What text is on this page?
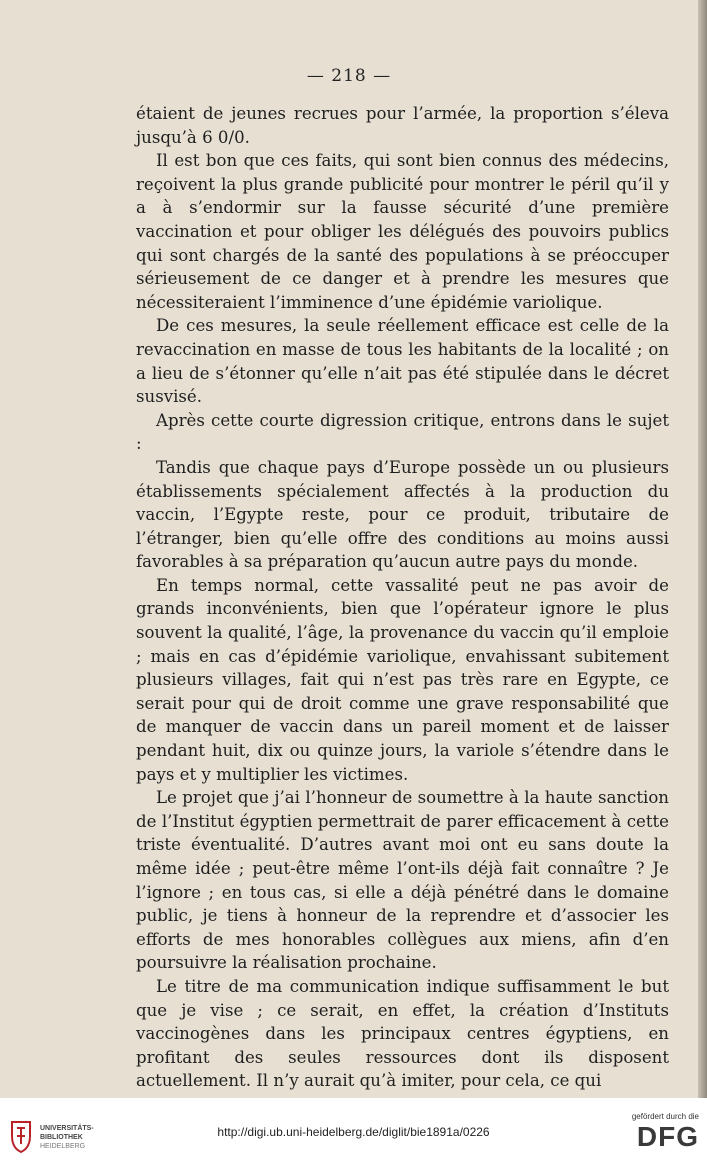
— 218 —

étaient de jeunes recrues pour l’armée, la proportion s’éleva jusqu’à 6 0/0.

Il est bon que ces faits, qui sont bien connus des médecins, reçoivent la plus grande publicité pour montrer le péril qu’il y a à s’endormir sur la fausse sécurité d’une première vaccination et pour obliger les délégués des pouvoirs publics qui sont chargés de la santé des populations à se préoccuper sérieusement de ce danger et à prendre les mesures que nécessiteraient l’imminence d’une épidémie variolique.

De ces mesures, la seule réellement efficace est celle de la revaccination en masse de tous les habitants de la localité ; on a lieu de s’étonner qu’elle n’ait pas été stipulée dans le décret susvisé.

Après cette courte digression critique, entrons dans le sujet :

Tandis que chaque pays d’Europe possède un ou plusieurs établissements spécialement affectés à la production du vaccin, l’Egypte reste, pour ce produit, tributaire de l’étranger, bien qu’elle offre des conditions au moins aussi favorables à sa préparation qu’aucun autre pays du monde.

En temps normal, cette vassalité peut ne pas avoir de grands inconvénients, bien que l’opérateur ignore le plus souvent la qualité, l’âge, la provenance du vaccin qu’il emploie ; mais en cas d’épidémie variolique, envahissant subitement plusieurs villages, fait qui n’est pas très rare en Egypte, ce serait pour qui de droit comme une grave responsabilité que de manquer de vaccin dans un pareil moment et de laisser pendant huit, dix ou quinze jours, la variole s’étendre dans le pays et y multiplier les victimes.

Le projet que j’ai l’honneur de soumettre à la haute sanction de l’Institut égyptien permettrait de parer efficacement à cette triste éventualité. D’autres avant moi ont eu sans doute la même idée ; peut-être même l’ont-ils déjà fait connaître ? Je l’ignore ; en tous cas, si elle a déjà pénétré dans le domaine public, je tiens à honneur de la reprendre et d’associer les efforts de mes honorables collègues aux miens, afin d’en poursuivre la réalisation prochaine.

Le titre de ma communication indique suffisamment le but que je vise ; ce serait, en effet, la création d’Instituts vaccinogènes dans les principaux centres égyptiens, en profitant des seules ressources dont ils disposent actuellement. Il n’y aurait qu’à imiter, pour cela, ce qui

UNIVERSITÄTS-
BIBLIOTHEK
HEIDELBERG
http://digi.ub.uni-heidelberg.de/diglit/bie1891a/0226
gefördert durch die
DFG
